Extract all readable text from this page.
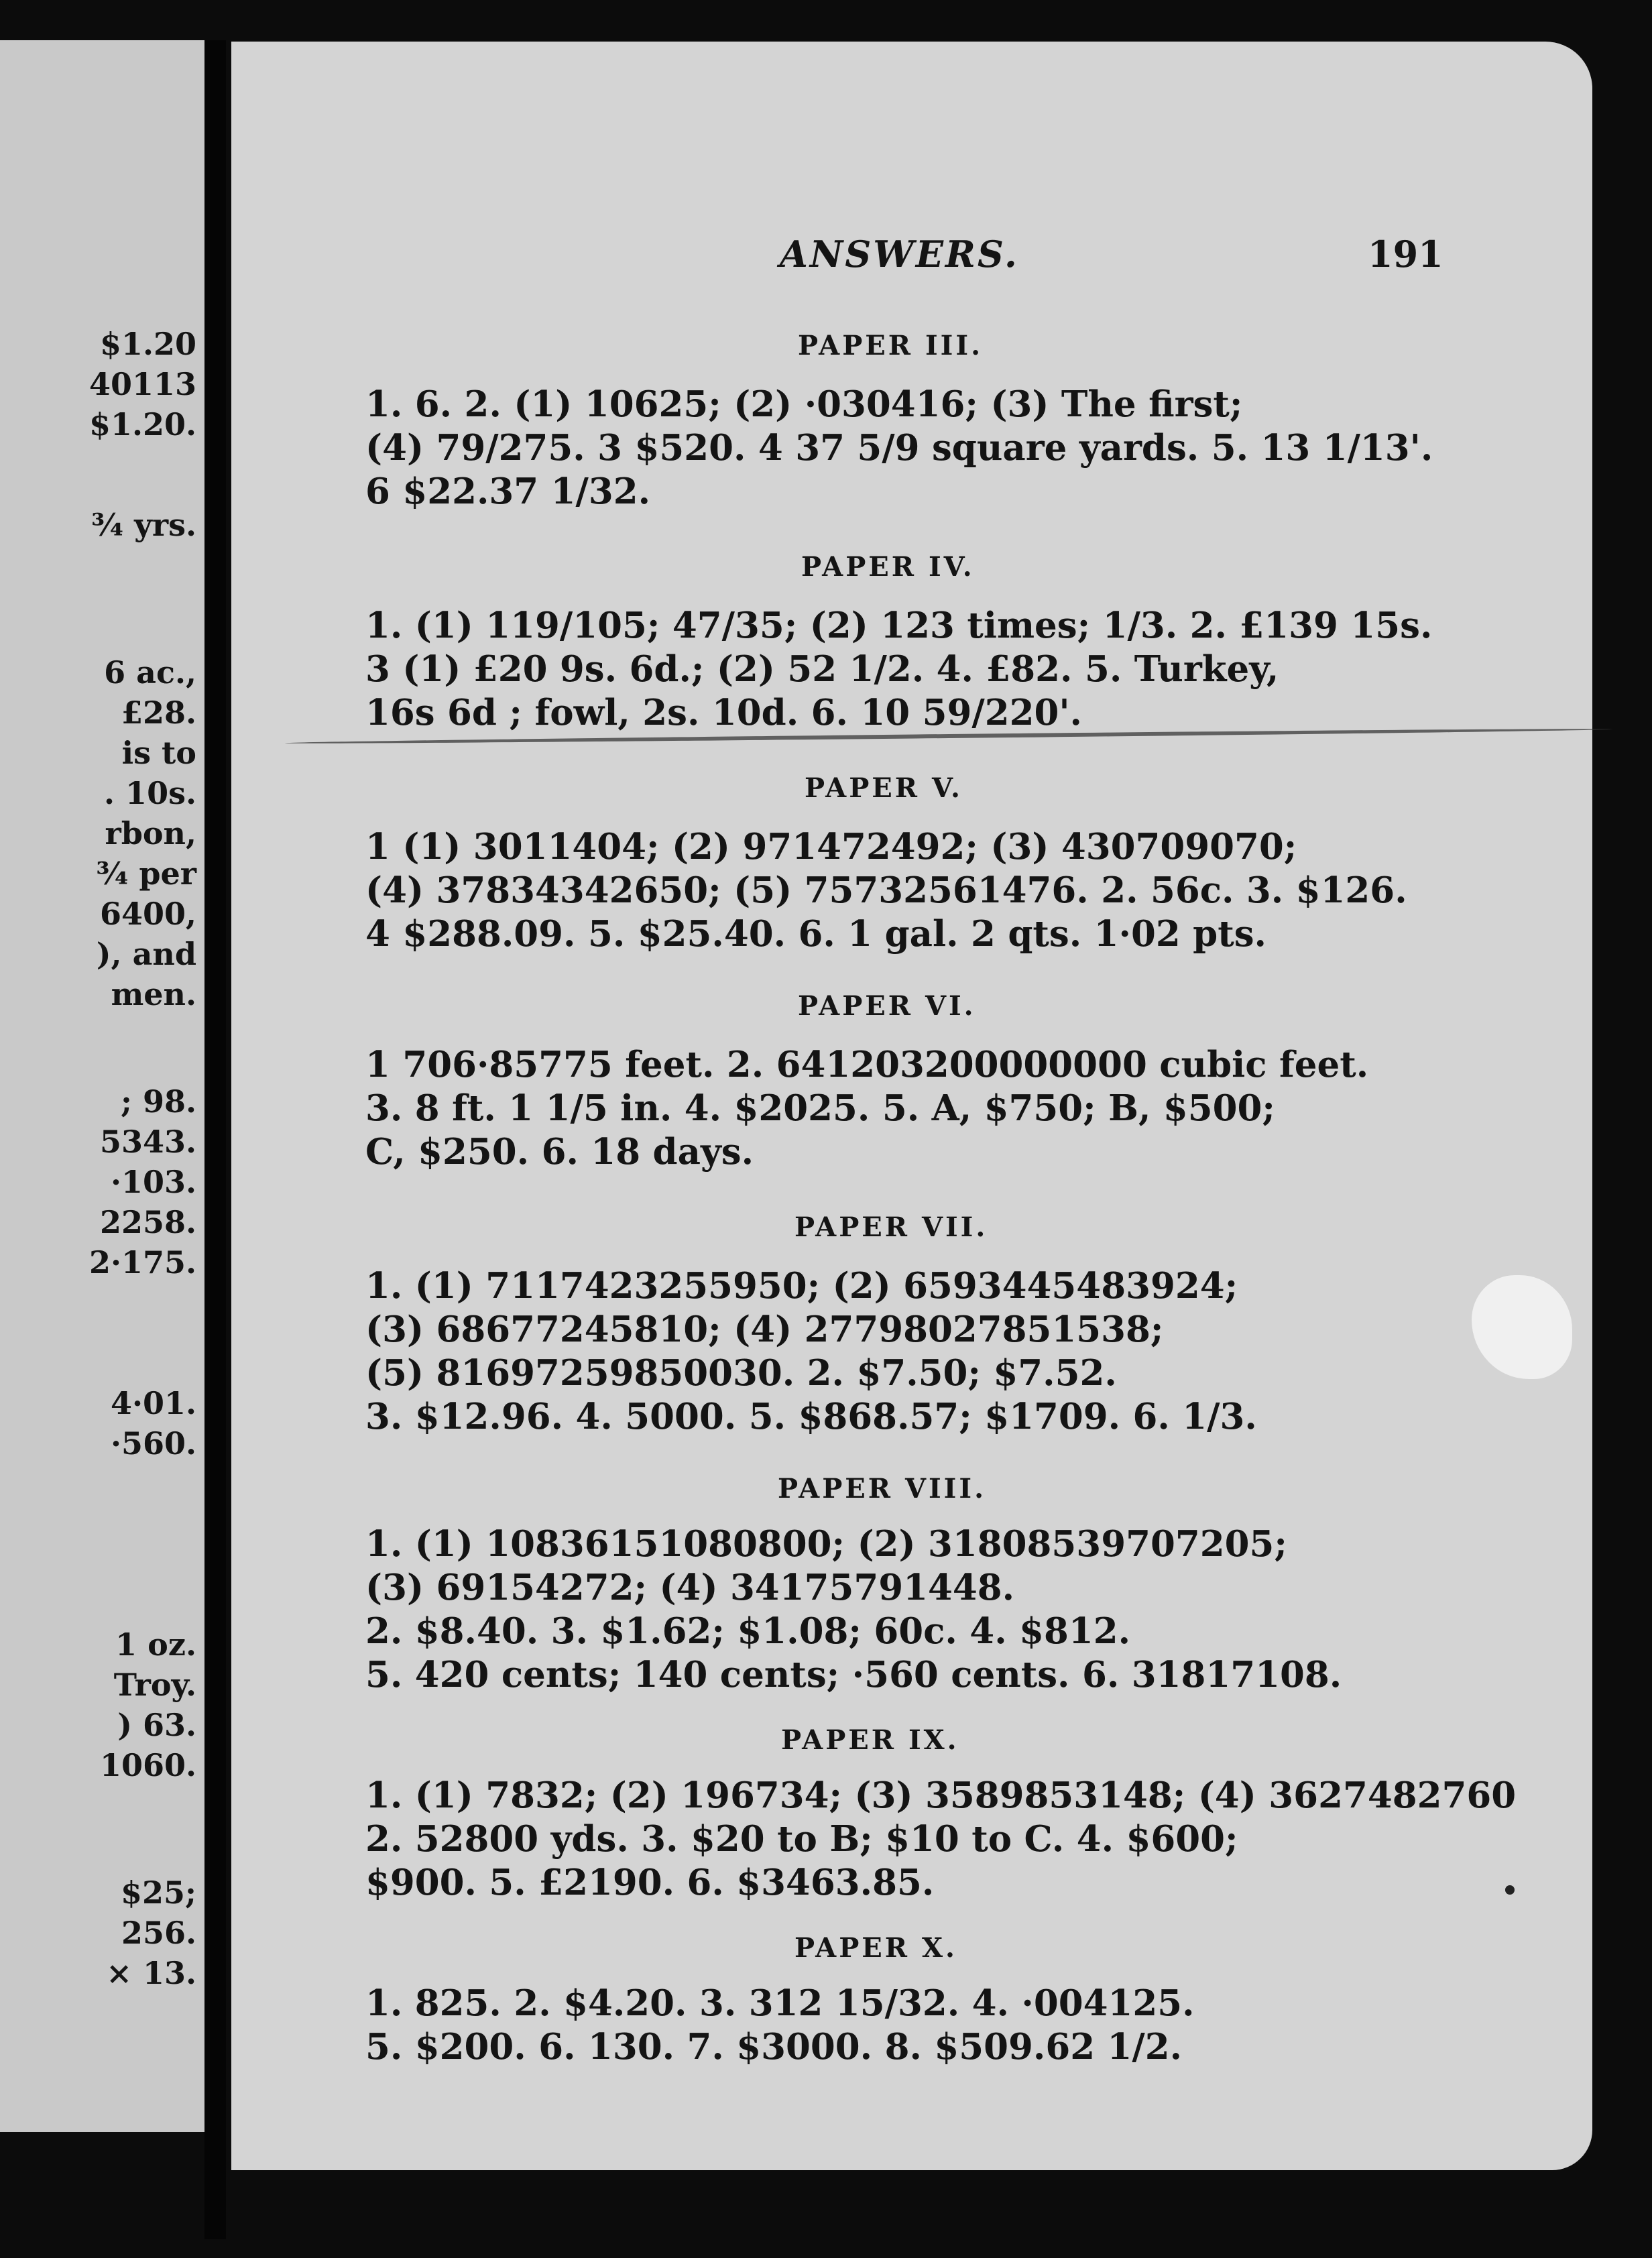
$1.20
40113
$1.20.
¾ yrs.
6 ac.,
£28.
is to
. 10s.
rbon,
¾ per
6400,
), and
men.
; 98.
5343.
·103.
2258.
2·175.
4·01.
·560.
1 oz.
Troy.
) 63.
1060.
$25;
256.
× 13.
ANSWERS.	191
PAPER III.
1. 6. 2. (1) 10625; (2) ·030416; (3) The first;
(4) 79/275. 3 $520. 4 37 5/9 square yards. 5. 13 1/13'.
6 $22.37 1/32.
PAPER IV.
1. (1) 119/105; 47/35; (2) 123 times; 1/3. 2. £139 15s.
3 (1) £20 9s. 6d.; (2) 52 1/2. 4. £82. 5. Turkey,
16s 6d ; fowl, 2s. 10d. 6. 10 59/220'.
PAPER V.
1 (1) 3011404; (2) 971472492; (3) 430709070;
(4) 37834342650; (5) 75732561476. 2. 56c. 3. $126.
4 $288.09. 5. $25.40. 6. 1 gal. 2 qts. 1·02 pts.
PAPER VI.
1 706·85775 feet. 2. 641203200000000 cubic feet.
3. 8 ft. 1 1/5 in. 4. $2025. 5. A, $750; B, $500;
C, $250. 6. 18 days.
PAPER VII.
1. (1) 7117423255950; (2) 6593445483924;
(3) 68677245810; (4) 27798027851538;
(5) 81697259850030. 2. $7.50; $7.52.
3. $12.96. 4. 5000. 5. $868.57; $1709. 6. 1/3.
PAPER VIII.
1. (1) 10836151080800; (2) 31808539707205;
(3) 69154272; (4) 34175791448.
2. $8.40. 3. $1.62; $1.08; 60c. 4. $812.
5. 420 cents; 140 cents; ·560 cents. 6. 31817108.
PAPER IX.
1. (1) 7832; (2) 196734; (3) 3589853148; (4) 3627482760
2. 52800 yds. 3. $20 to B; $10 to C. 4. $600;
$900. 5. £2190. 6. $3463.85.
PAPER X.
1. 825. 2. $4.20. 3. 312 15/32. 4. ·004125.
5. $200. 6. 130. 7. $3000. 8. $509.62 1/2.
